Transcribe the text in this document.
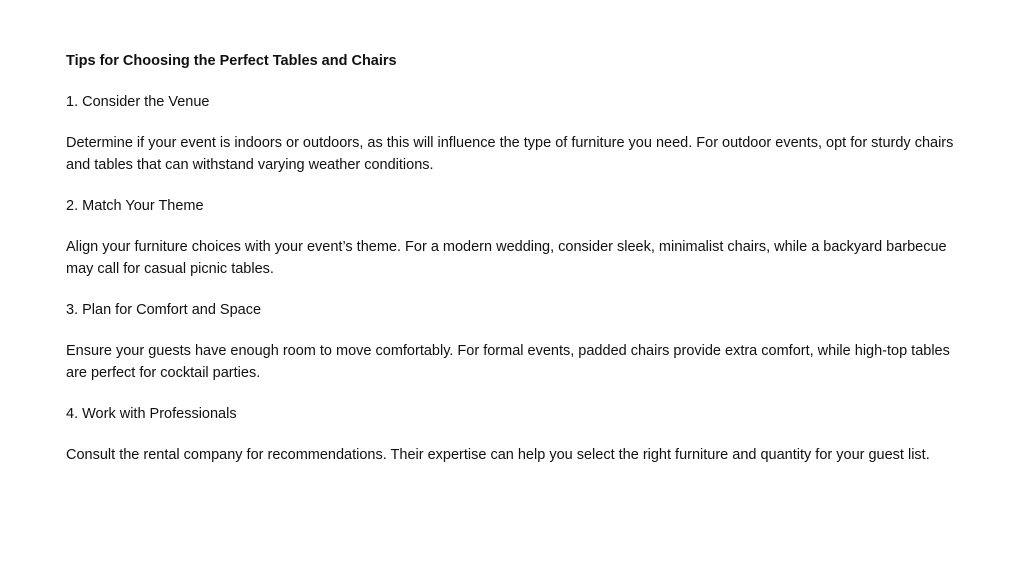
Tips for Choosing the Perfect Tables and Chairs
1. Consider the Venue
Determine if your event is indoors or outdoors, as this will influence the type of furniture you need. For outdoor events, opt for sturdy chairs and tables that can withstand varying weather conditions.
2. Match Your Theme
Align your furniture choices with your event’s theme. For a modern wedding, consider sleek, minimalist chairs, while a backyard barbecue may call for casual picnic tables.
3. Plan for Comfort and Space
Ensure your guests have enough room to move comfortably. For formal events, padded chairs provide extra comfort, while high-top tables are perfect for cocktail parties.
4. Work with Professionals
Consult the rental company for recommendations. Their expertise can help you select the right furniture and quantity for your guest list.
